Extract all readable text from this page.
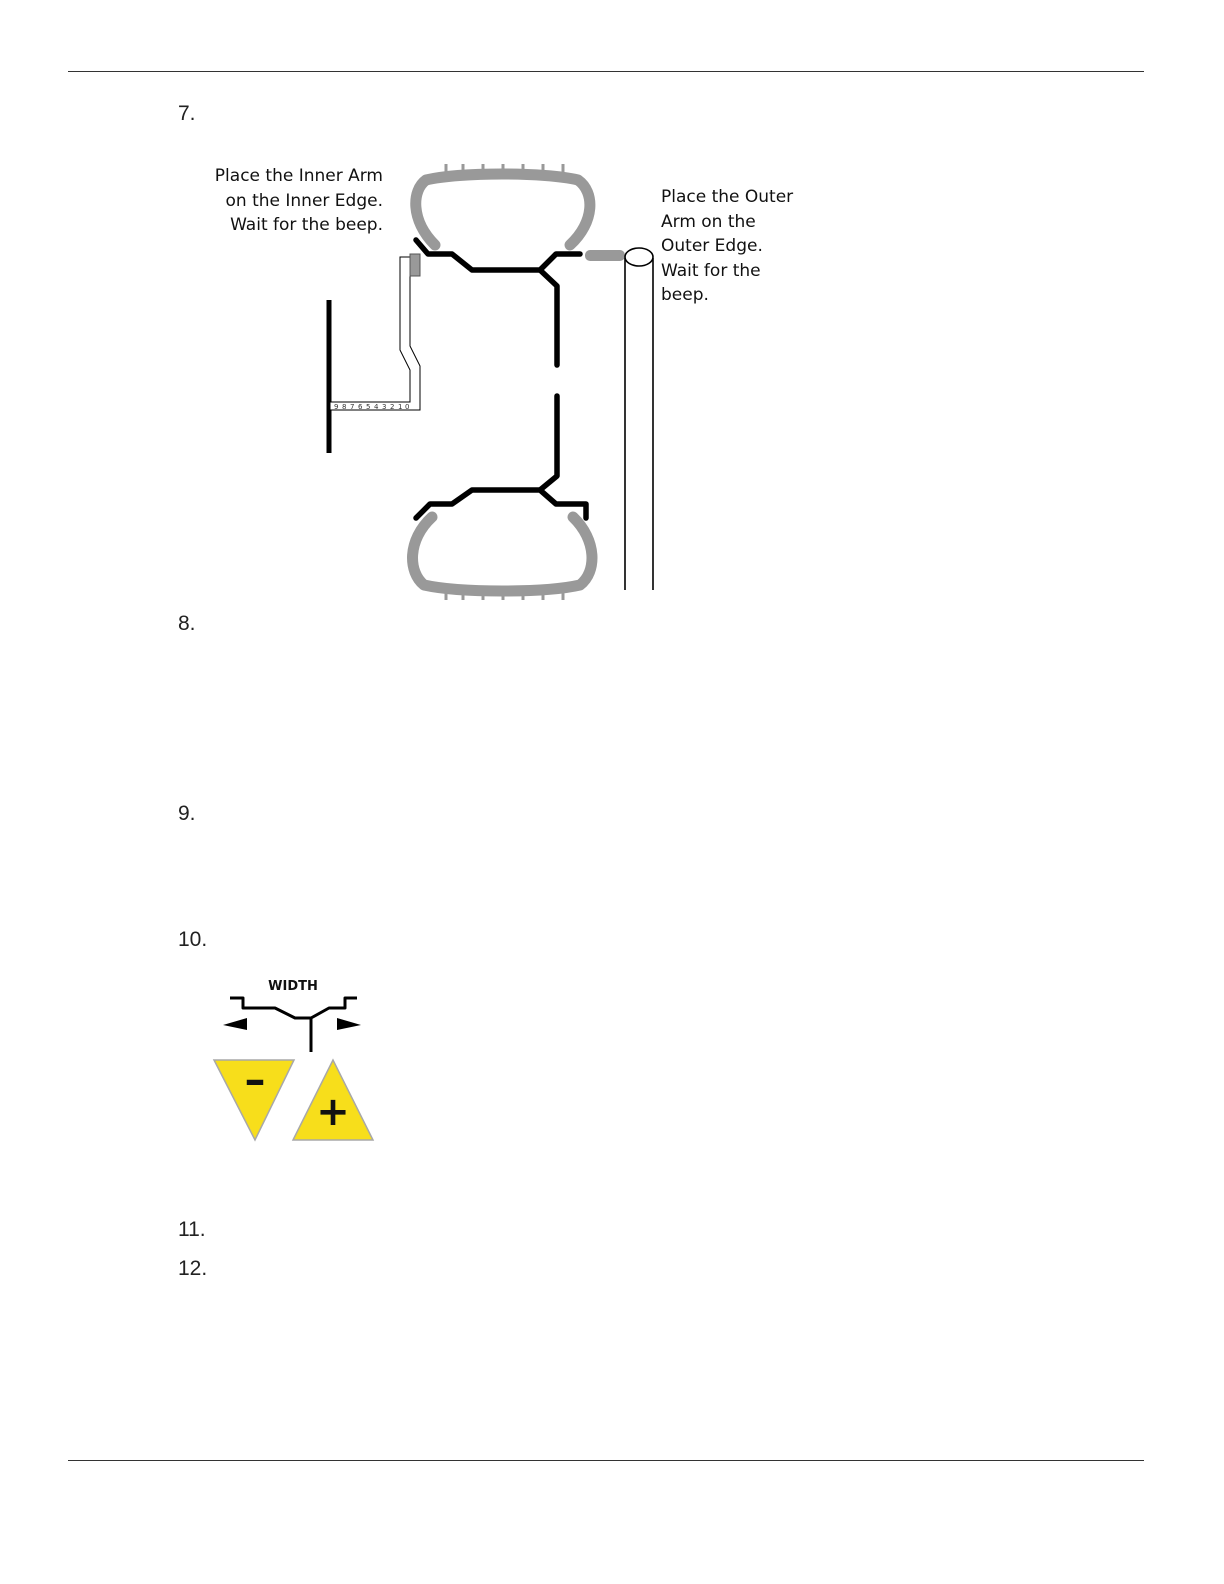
7.
8.
9.
10.
11.
12.
Place the Inner Arm
on the Inner Edge.
Wait for the beep.
Place the Outer
Arm on the
Outer Edge.
Wait for the
beep.
9 8 7 6 5 4 3 2 1 0
WIDTH
–
+
